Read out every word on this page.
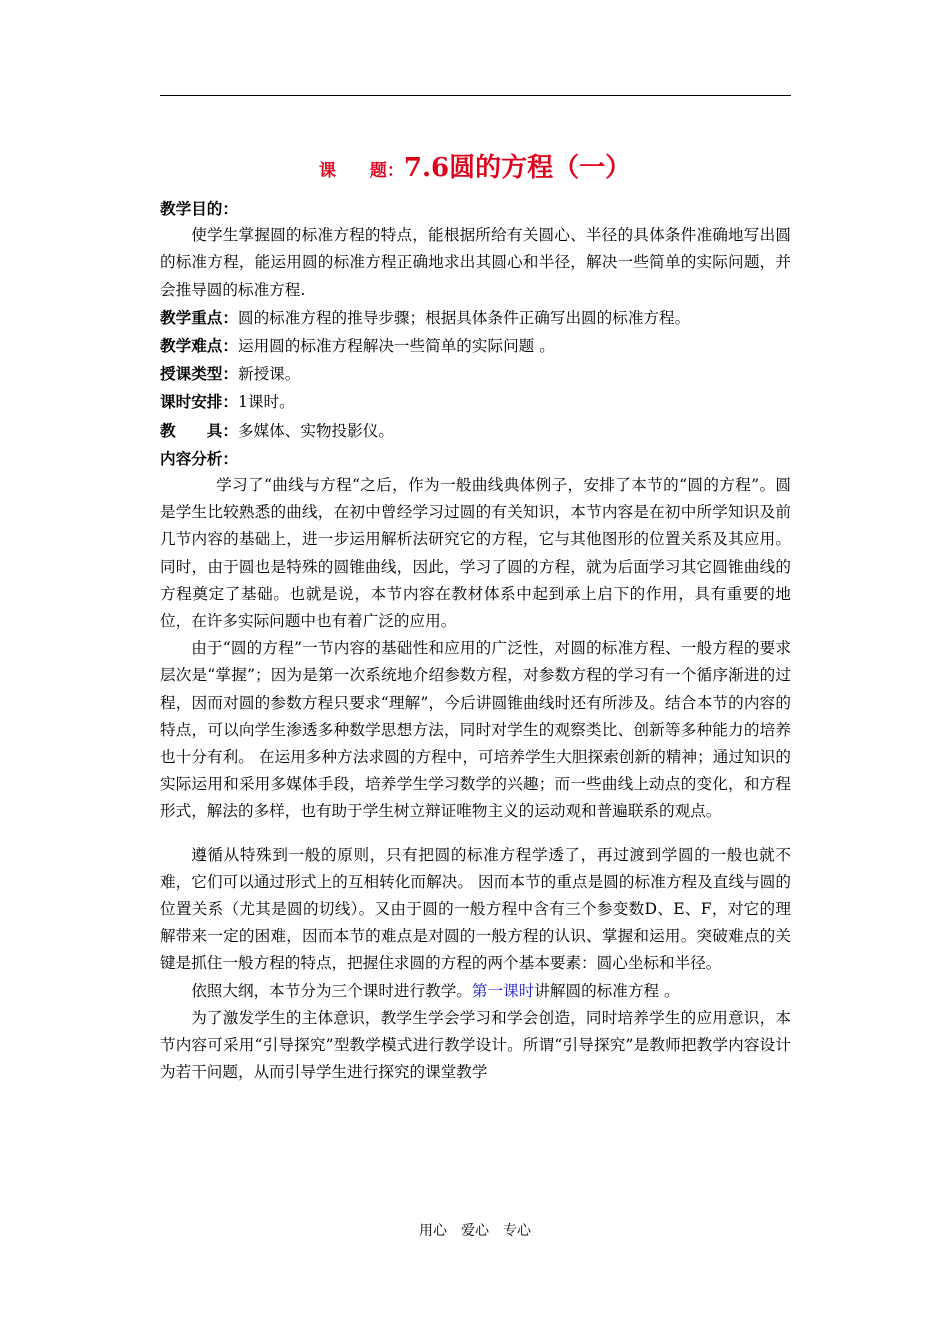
课　　题：7.6圆的方程（一）

教学目的：

使学生掌握圆的标准方程的特点，能根据所给有关圆心、半径的具体条件准确地写出圆的标准方程，能运用圆的标准方程正确地求出其圆心和半径，解决一些简单的实际问题，并会推导圆的标准方程.

教学重点：圆的标准方程的推导步骤；根据具体条件正确写出圆的标准方程。

教学难点：运用圆的标准方程解决一些简单的实际问题 。

授课类型：新授课。

课时安排：1课时。

教　　具：多媒体、实物投影仪。

内容分析：

学习了“曲线与方程“之后，作为一般曲线典体例子，安排了本节的“圆的方程”。圆是学生比较熟悉的曲线，在初中曾经学习过圆的有关知识，本节内容是在初中所学知识及前几节内容的基础上，进一步运用解析法研究它的方程，它与其他图形的位置关系及其应用。同时，由于圆也是特殊的圆锥曲线，因此，学习了圆的方程，就为后面学习其它圆锥曲线的方程奠定了基础。也就是说，本节内容在教材体系中起到承上启下的作用，具有重要的地位，在许多实际问题中也有着广泛的应用。

由于“圆的方程”一节内容的基础性和应用的广泛性，对圆的标准方程、一般方程的要求层次是“掌握”；因为是第一次系统地介绍参数方程，对参数方程的学习有一个循序渐进的过程，因而对圆的参数方程只要求“理解”，今后讲圆锥曲线时还有所涉及。结合本节的内容的特点，可以向学生渗透多种数学思想方法，同时对学生的观察类比、创新等多种能力的培养也十分有利。 在运用多种方法求圆的方程中，可培养学生大胆探索创新的精神；通过知识的实际运用和采用多媒体手段，培养学生学习数学的兴趣；而一些曲线上动点的变化，和方程形式，解法的多样，也有助于学生树立辩证唯物主义的运动观和普遍联系的观点。

遵循从特殊到一般的原则，只有把圆的标准方程学透了，再过渡到学圆的一般也就不难，它们可以通过形式上的互相转化而解决。 因而本节的重点是圆的标准方程及直线与圆的位置关系（尤其是圆的切线）。又由于圆的一般方程中含有三个参变数D、E、F，对它的理解带来一定的困难，因而本节的难点是对圆的一般方程的认识、掌握和运用。突破难点的关键是抓住一般方程的特点，把握住求圆的方程的两个基本要素：圆心坐标和半径。

依照大纲，本节分为三个课时进行教学。第一课时讲解圆的标准方程 。

为了激发学生的主体意识，教学生学会学习和学会创造，同时培养学生的应用意识，本节内容可采用“引导探究”型教学模式进行教学设计。所谓“引导探究”是教师把教学内容设计为若干问题，从而引导学生进行探究的课堂教学

用心　爱心　专心
